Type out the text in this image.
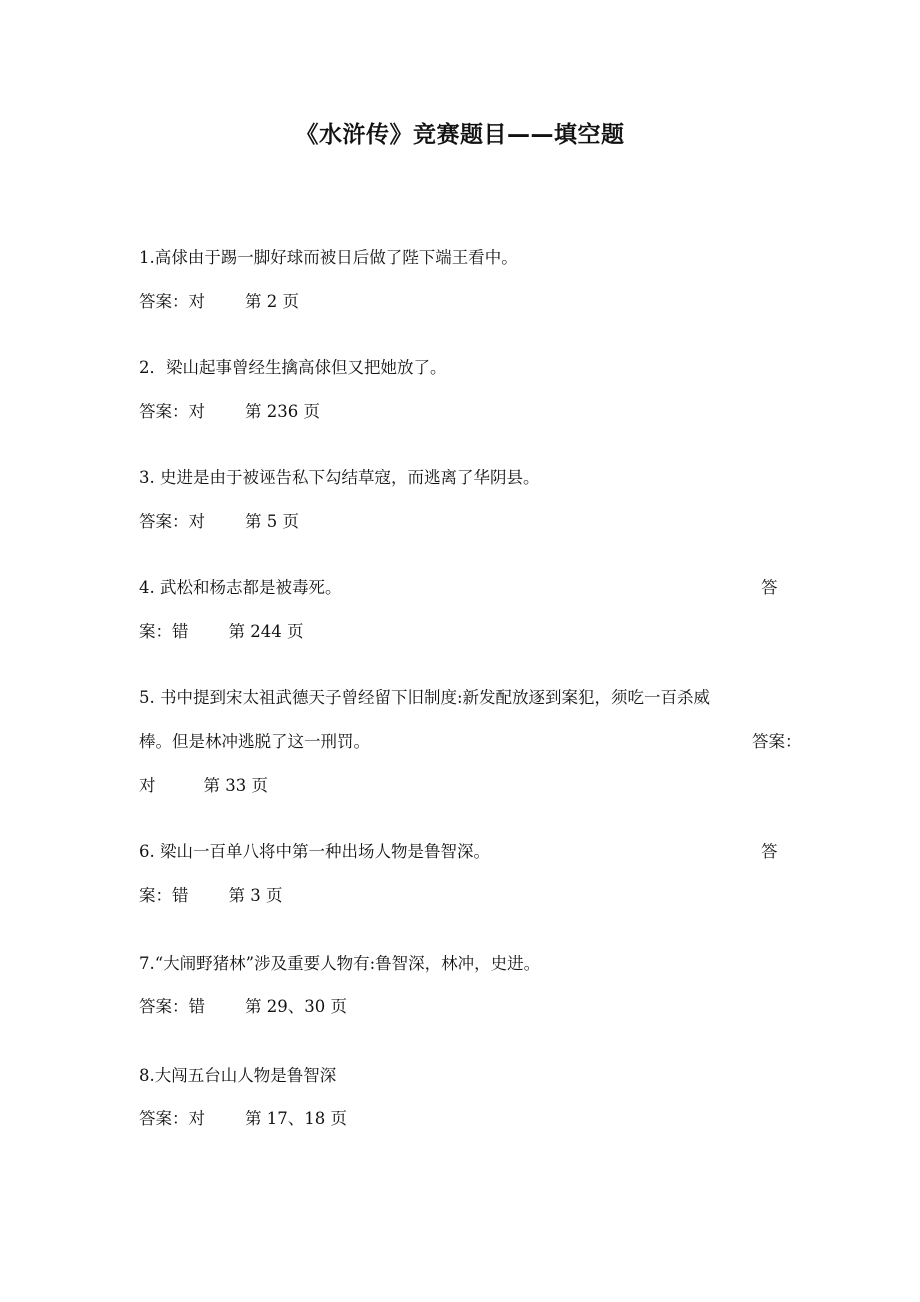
《水浒传》竞赛题目——填空题
1.高俅由于踢一脚好球而被日后做了陛下端王看中。
答案：对 第 2 页
2．梁山起事曾经生擒高俅但又把她放了。
答案：对 第 236 页
3. 史进是由于被诬告私下勾结草寇，而逃离了华阴县。
答案：对 第 5 页
4. 武松和杨志都是被毒死。	答
案：错 第 244 页
5. 书中提到宋太祖武德天子曾经留下旧制度:新发配放逐到案犯，须吃一百杀威
棒。但是林冲逃脱了这一刑罚。	答案：
对	第 33 页
6. 梁山一百单八将中第一种出场人物是鲁智深。	答
案：错 第 3 页
7.“大闹野猪林”涉及重要人物有:鲁智深，林冲，史进。
答案：错 第 29、30 页
8.大闯五台山人物是鲁智深
答案：对 第 17、18 页
